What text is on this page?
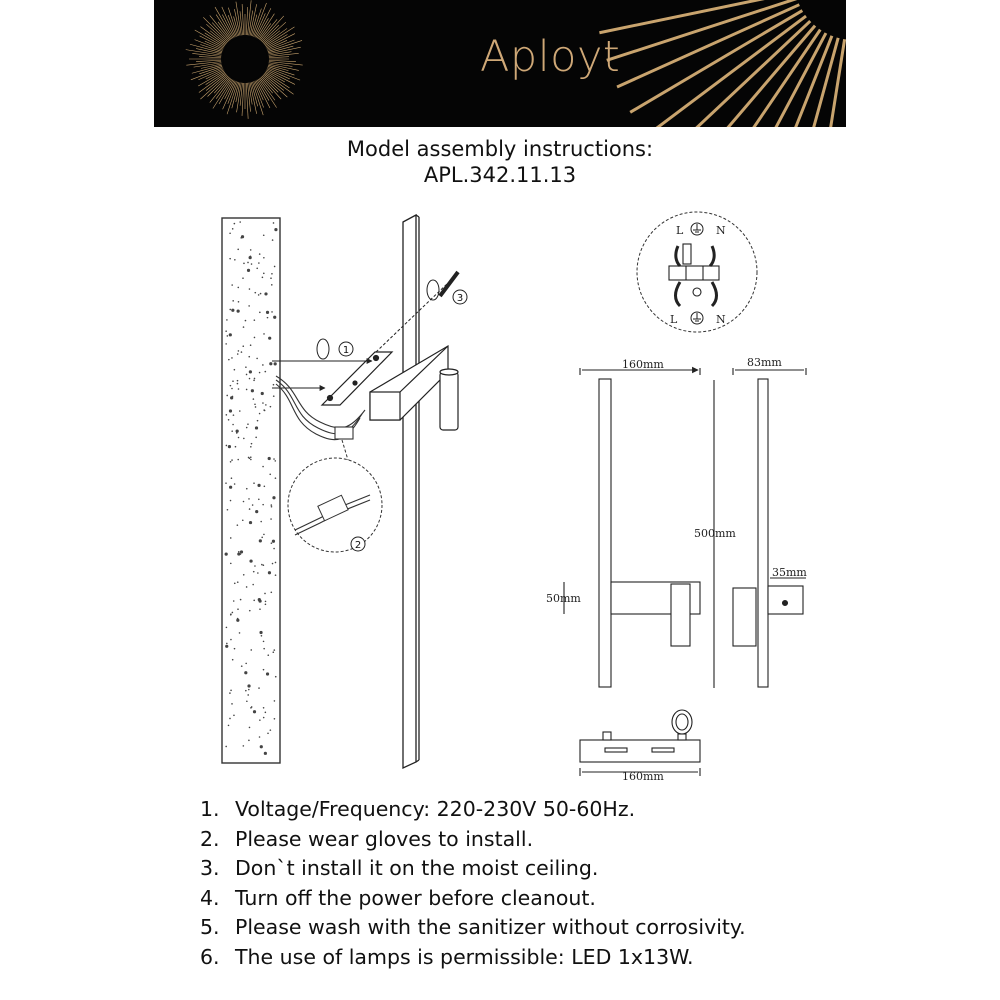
Aployt
Model assembly instructions:
APL.342.11.13
1
2
3
L	N
L	N
160mm
500mm
50mm
83mm
35mm
160mm
1. Voltage/Frequency: 220-230V 50-60Hz.
2. Please wear gloves to install.
3. Don`t install it on the moist ceiling.
4. Turn off the power before cleanout.
5. Please wash with the sanitizer without corrosivity.
6. The use of lamps is permissible: LED 1x13W.
